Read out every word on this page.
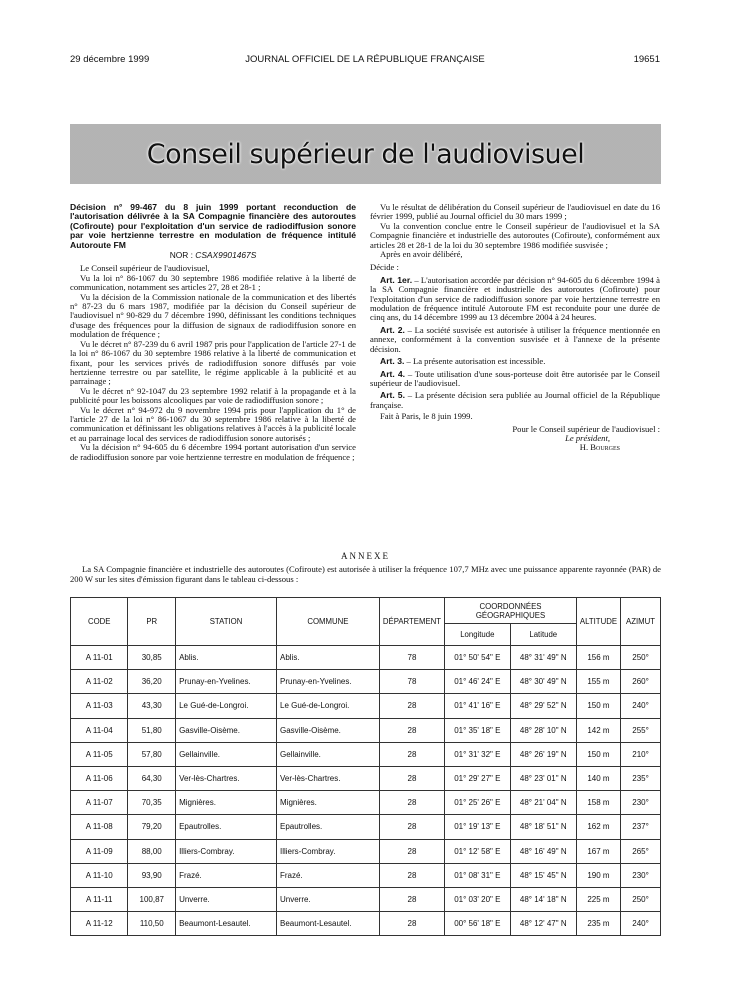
29 décembre 1999	JOURNAL OFFICIEL DE LA RÉPUBLIQUE FRANÇAISE	19651
Conseil supérieur de l'audiovisuel

Décision n° 99-467 du 8 juin 1999 portant reconduction de l'autorisation délivrée à la SA Compagnie financière des autoroutes (Cofiroute) pour l'exploitation d'un service de radiodiffusion sonore par voie hertzienne terrestre en modulation de fréquence intitulé Autoroute FM

NOR : CSAX9901467S

Le Conseil supérieur de l'audiovisuel,

Vu la loi n° 86-1067 du 30 septembre 1986 modifiée relative à la liberté de communication, notamment ses articles 27, 28 et 28-1 ;

Vu la décision de la Commission nationale de la communication et des libertés n° 87-23 du 6 mars 1987, modifiée par la décision du Conseil supérieur de l'audiovisuel n° 90-829 du 7 décembre 1990, définissant les conditions techniques d'usage des fréquences pour la diffusion de signaux de radiodiffusion sonore en modulation de fréquence ;

Vu le décret n° 87-239 du 6 avril 1987 pris pour l'application de l'article 27-1 de la loi n° 86-1067 du 30 septembre 1986 relative à la liberté de communication et fixant, pour les services privés de radiodiffusion sonore diffusés par voie hertzienne terrestre ou par satellite, le régime applicable à la publicité et au parrainage ;

Vu le décret n° 92-1047 du 23 septembre 1992 relatif à la propagande et à la publicité pour les boissons alcooliques par voie de radiodiffusion sonore ;

Vu le décret n° 94-972 du 9 novembre 1994 pris pour l'application du 1° de l'article 27 de la loi n° 86-1067 du 30 septembre 1986 relative à la liberté de communication et définissant les obligations relatives à l'accès à la publicité locale et au parrainage local des services de radiodiffusion sonore autorisés ;

Vu la décision n° 94-605 du 6 décembre 1994 portant autorisation d'un service de radiodiffusion sonore par voie hertzienne terrestre en modulation de fréquence ;

Vu le résultat de délibération du Conseil supérieur de l'audiovisuel en date du 16 février 1999, publié au Journal officiel du 30 mars 1999 ;

Vu la convention conclue entre le Conseil supérieur de l'audiovisuel et la SA Compagnie financière et industrielle des autoroutes (Cofiroute), conformément aux articles 28 et 28-1 de la loi du 30 septembre 1986 modifiée susvisée ;

Après en avoir délibéré,

Décide :

Art. 1er. – L'autorisation accordée par décision n° 94-605 du 6 décembre 1994 à la SA Compagnie financière et industrielle des autoroutes (Cofiroute) pour l'exploitation d'un service de radiodiffusion sonore par voie hertzienne terrestre en modulation de fréquence intitulé Autoroute FM est reconduite pour une durée de cinq ans, du 14 décembre 1999 au 13 décembre 2004 à 24 heures.

Art. 2. – La société susvisée est autorisée à utiliser la fréquence mentionnée en annexe, conformément à la convention susvisée et à l'annexe de la présente décision.

Art. 3. – La présente autorisation est incessible.

Art. 4. – Toute utilisation d'une sous-porteuse doit être autorisée par le Conseil supérieur de l'audiovisuel.

Art. 5. – La présente décision sera publiée au Journal officiel de la République française.

Fait à Paris, le 8 juin 1999.

Pour le Conseil supérieur de l'audiovisuel :

Le président,

H. Bourges

ANNEXE
La SA Compagnie financière et industrielle des autoroutes (Cofiroute) est autorisée à utiliser la fréquence 107,7 MHz avec une puissance apparente rayonnée (PAR) de 200 W sur les sites d'émission figurant dans le tableau ci-dessous :
CODE	PR	STATION	COMMUNE	DÉPARTEMENT	COORDONNÉES GÉOGRAPHIQUES		ALTITUDE	AZIMUT
					Longitude	Latitude		
A 11-01	30,85	Ablis.	Ablis.	78	01° 50' 54" E	48° 31' 49" N	156 m	250°
A 11-02	36,20	Prunay-en-Yvelines.	Prunay-en-Yvelines.	78	01° 46' 24" E	48° 30' 49" N	155 m	260°
A 11-03	43,30	Le Gué-de-Longroi.	Le Gué-de-Longroi.	28	01° 41' 16" E	48° 29' 52" N	150 m	240°
A 11-04	51,80	Gasville-Oisème.	Gasville-Oisème.	28	01° 35' 18" E	48° 28' 10" N	142 m	255°
A 11-05	57,80	Gellainville.	Gellainville.	28	01° 31' 32" E	48° 26' 19" N	150 m	210°
A 11-06	64,30	Ver-lès-Chartres.	Ver-lès-Chartres.	28	01° 29' 27" E	48° 23' 01" N	140 m	235°
A 11-07	70,35	Mignières.	Mignières.	28	01° 25' 26" E	48° 21' 04" N	158 m	230°
A 11-08	79,20	Epautrolles.	Epautrolles.	28	01° 19' 13" E	48° 18' 51" N	162 m	237°
A 11-09	88,00	Illiers-Combray.	Illiers-Combray.	28	01° 12' 58" E	48° 16' 49" N	167 m	265°
A 11-10	93,90	Frazé.	Frazé.	28	01° 08' 31" E	48° 15' 45" N	190 m	230°
A 11-11	100,87	Unverre.	Unverre.	28	01° 03' 20" E	48° 14' 18" N	225 m	250°
A 11-12	110,50	Beaumont-Lesautel.	Beaumont-Lesautel.	28	00° 56' 18" E	48° 12' 47" N	235 m	240°
